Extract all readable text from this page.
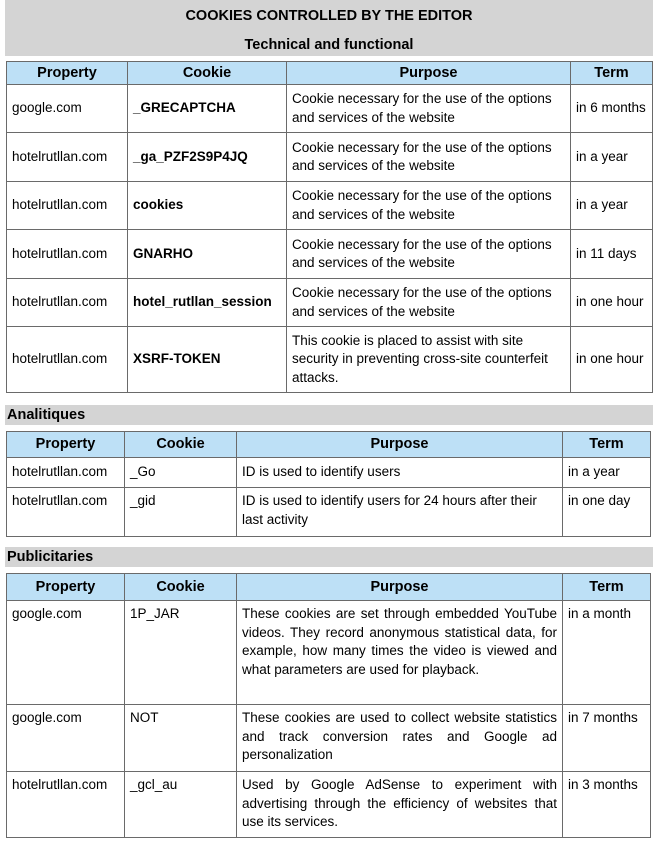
COOKIES CONTROLLED BY THE EDITOR
Technical and functional
Property	Cookie	Purpose	Term
google.com	_GRECAPTCHA	Cookie necessary for the use of the options and services of the website	in 6 months
hotelrutllan.com	_ga_PZF2S9P4JQ	Cookie necessary for the use of the options and services of the website	in a year
hotelrutllan.com	cookies	Cookie necessary for the use of the options and services of the website	in a year
hotelrutllan.com	GNARHO	Cookie necessary for the use of the options and services of the website	in 11 days
hotelrutllan.com	hotel_rutllan_session	Cookie necessary for the use of the options and services of the website	in one hour
hotelrutllan.com	XSRF-TOKEN	This cookie is placed to assist with site security in preventing cross-site counterfeit attacks.	in one hour
Analitiques
Property	Cookie	Purpose	Term
hotelrutllan.com	_Go	ID is used to identify users	in a year
hotelrutllan.com	_gid	ID is used to identify users for 24 hours after their last activity	in one day
Publicitaries
Property	Cookie	Purpose	Term
google.com	1P_JAR	These cookies are set through embedded YouTube videos. They record anonymous statistical data, for example, how many times the video is viewed and what parameters are used for playback.	in a month
google.com	NOT	These cookies are used to collect website statistics and track conversion rates and Google ad personalization	in 7 months
hotelrutllan.com	_gcl_au	Used by Google AdSense to experiment with advertising through the efficiency of websites that use its services.	in 3 months
